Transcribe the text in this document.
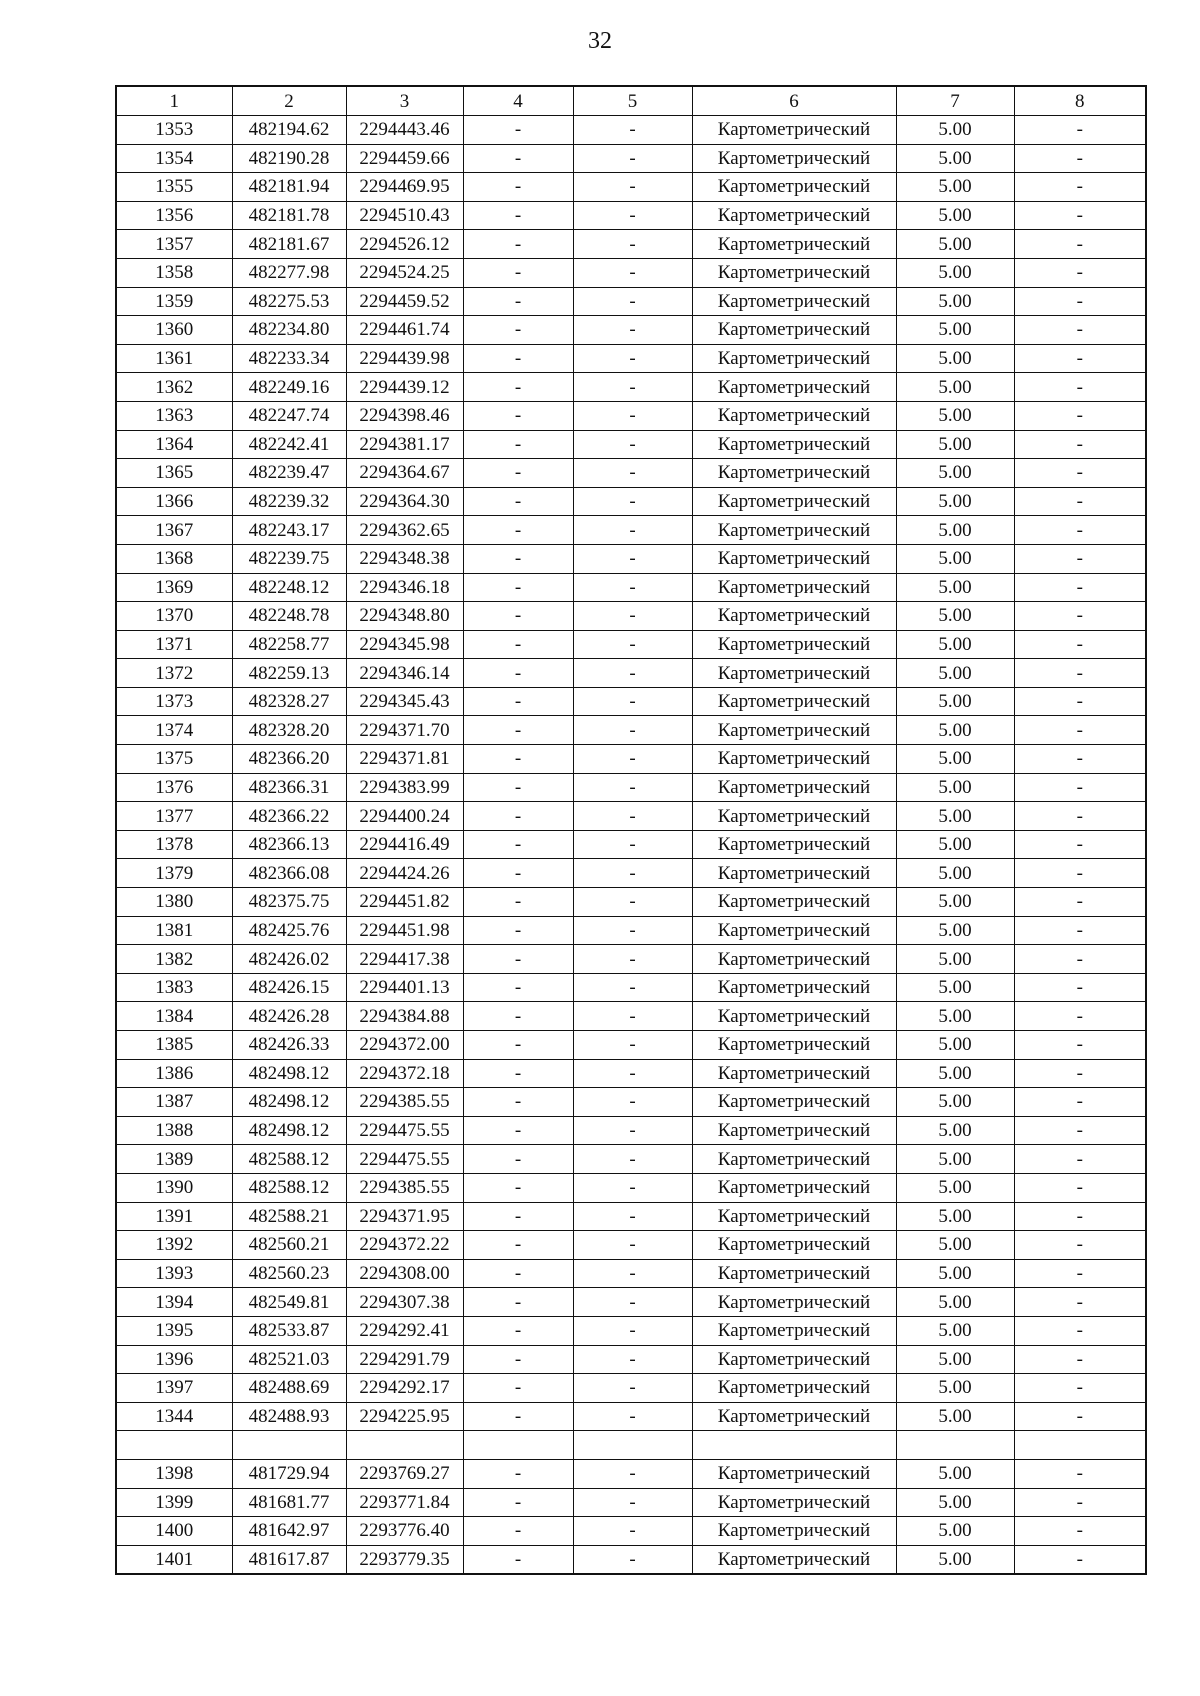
32
1	2	3	4	5	6	7	8
1353	482194.62	2294443.46	-	-	Картометрический	5.00	-
1354	482190.28	2294459.66	-	-	Картометрический	5.00	-
1355	482181.94	2294469.95	-	-	Картометрический	5.00	-
1356	482181.78	2294510.43	-	-	Картометрический	5.00	-
1357	482181.67	2294526.12	-	-	Картометрический	5.00	-
1358	482277.98	2294524.25	-	-	Картометрический	5.00	-
1359	482275.53	2294459.52	-	-	Картометрический	5.00	-
1360	482234.80	2294461.74	-	-	Картометрический	5.00	-
1361	482233.34	2294439.98	-	-	Картометрический	5.00	-
1362	482249.16	2294439.12	-	-	Картометрический	5.00	-
1363	482247.74	2294398.46	-	-	Картометрический	5.00	-
1364	482242.41	2294381.17	-	-	Картометрический	5.00	-
1365	482239.47	2294364.67	-	-	Картометрический	5.00	-
1366	482239.32	2294364.30	-	-	Картометрический	5.00	-
1367	482243.17	2294362.65	-	-	Картометрический	5.00	-
1368	482239.75	2294348.38	-	-	Картометрический	5.00	-
1369	482248.12	2294346.18	-	-	Картометрический	5.00	-
1370	482248.78	2294348.80	-	-	Картометрический	5.00	-
1371	482258.77	2294345.98	-	-	Картометрический	5.00	-
1372	482259.13	2294346.14	-	-	Картометрический	5.00	-
1373	482328.27	2294345.43	-	-	Картометрический	5.00	-
1374	482328.20	2294371.70	-	-	Картометрический	5.00	-
1375	482366.20	2294371.81	-	-	Картометрический	5.00	-
1376	482366.31	2294383.99	-	-	Картометрический	5.00	-
1377	482366.22	2294400.24	-	-	Картометрический	5.00	-
1378	482366.13	2294416.49	-	-	Картометрический	5.00	-
1379	482366.08	2294424.26	-	-	Картометрический	5.00	-
1380	482375.75	2294451.82	-	-	Картометрический	5.00	-
1381	482425.76	2294451.98	-	-	Картометрический	5.00	-
1382	482426.02	2294417.38	-	-	Картометрический	5.00	-
1383	482426.15	2294401.13	-	-	Картометрический	5.00	-
1384	482426.28	2294384.88	-	-	Картометрический	5.00	-
1385	482426.33	2294372.00	-	-	Картометрический	5.00	-
1386	482498.12	2294372.18	-	-	Картометрический	5.00	-
1387	482498.12	2294385.55	-	-	Картометрический	5.00	-
1388	482498.12	2294475.55	-	-	Картометрический	5.00	-
1389	482588.12	2294475.55	-	-	Картометрический	5.00	-
1390	482588.12	2294385.55	-	-	Картометрический	5.00	-
1391	482588.21	2294371.95	-	-	Картометрический	5.00	-
1392	482560.21	2294372.22	-	-	Картометрический	5.00	-
1393	482560.23	2294308.00	-	-	Картометрический	5.00	-
1394	482549.81	2294307.38	-	-	Картометрический	5.00	-
1395	482533.87	2294292.41	-	-	Картометрический	5.00	-
1396	482521.03	2294291.79	-	-	Картометрический	5.00	-
1397	482488.69	2294292.17	-	-	Картометрический	5.00	-
1344	482488.93	2294225.95	-	-	Картометрический	5.00	-

1398	481729.94	2293769.27	-	-	Картометрический	5.00	-
1399	481681.77	2293771.84	-	-	Картометрический	5.00	-
1400	481642.97	2293776.40	-	-	Картометрический	5.00	-
1401	481617.87	2293779.35	-	-	Картометрический	5.00	-
